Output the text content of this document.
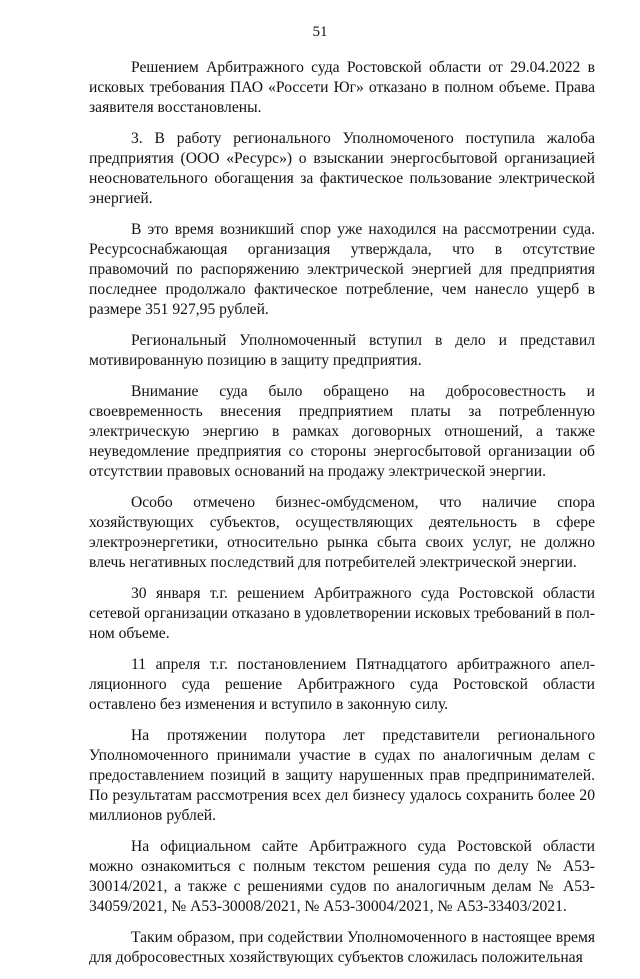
51

Решением Арбитражного суда Ростовской области от 29.04.2022 в исковых требования ПАО «Россети Юг» отказано в полном объеме. Права заявителя восстановлены.

3. В работу регионального Уполномоченого поступила жалоба предприятия (ООО «Ресурс») о взыскании энергосбытовой организацией неосновательного обогащения за фактическое пользование электрической энергией.

В это время возникший спор уже находился на рассмотрении суда. Ресурсоснабжающая организация утверждала, что в отсутствие правомочий по распоряжению электрической энергией для предприятия последнее продолжало фактическое потребление, чем нанесло ущерб в размере 351 927,95 рублей.

Региональный Уполномоченный вступил в дело и представил мотивированную позицию в защиту предприятия.

Внимание суда было обращено на добросовестность и своевременность внесения предприятием платы за потребленную электрическую энергию в рамках договорных отношений, а также неуведомление предприятия со стороны энергосбытовой организации об отсутствии правовых оснований на продажу электрической энергии.

Особо отмечено бизнес-омбудсменом, что наличие спора хозяйствующих субъектов, осуществляющих деятельность в сфере электроэнергетики, относительно рынка сбыта своих услуг, не должно влечь негативных последствий для потребителей электрической энергии.

30 января т.г. решением Арбитражного суда Ростовской области сетевой организации отказано в удовлетворении исковых требований в полном объеме.

11 апреля т.г. постановлением Пятнадцатого арбитражного апелляционного суда решение Арбитражного суда Ростовской области оставлено без изменения и вступило в законную силу.

На протяжении полутора лет представители регионального Уполномоченного принимали участие в судах по аналогичным делам с предоставлением позиций в защиту нарушенных прав предпринимателей. По результатам рассмотрения всех дел бизнесу удалось сохранить более 20 миллионов рублей.

На официальном сайте Арбитражного суда Ростовской области можно ознакомиться с полным текстом решения суда по делу № А53-30014/2021, а также с решениями судов по аналогичным делам № А53-34059/2021, № А53-30008/2021, № А53-30004/2021, № А53-33403/2021.

Таким образом, при содействии Уполномоченного в настоящее время для добросовестных хозяйствующих субъектов сложилась положительная
